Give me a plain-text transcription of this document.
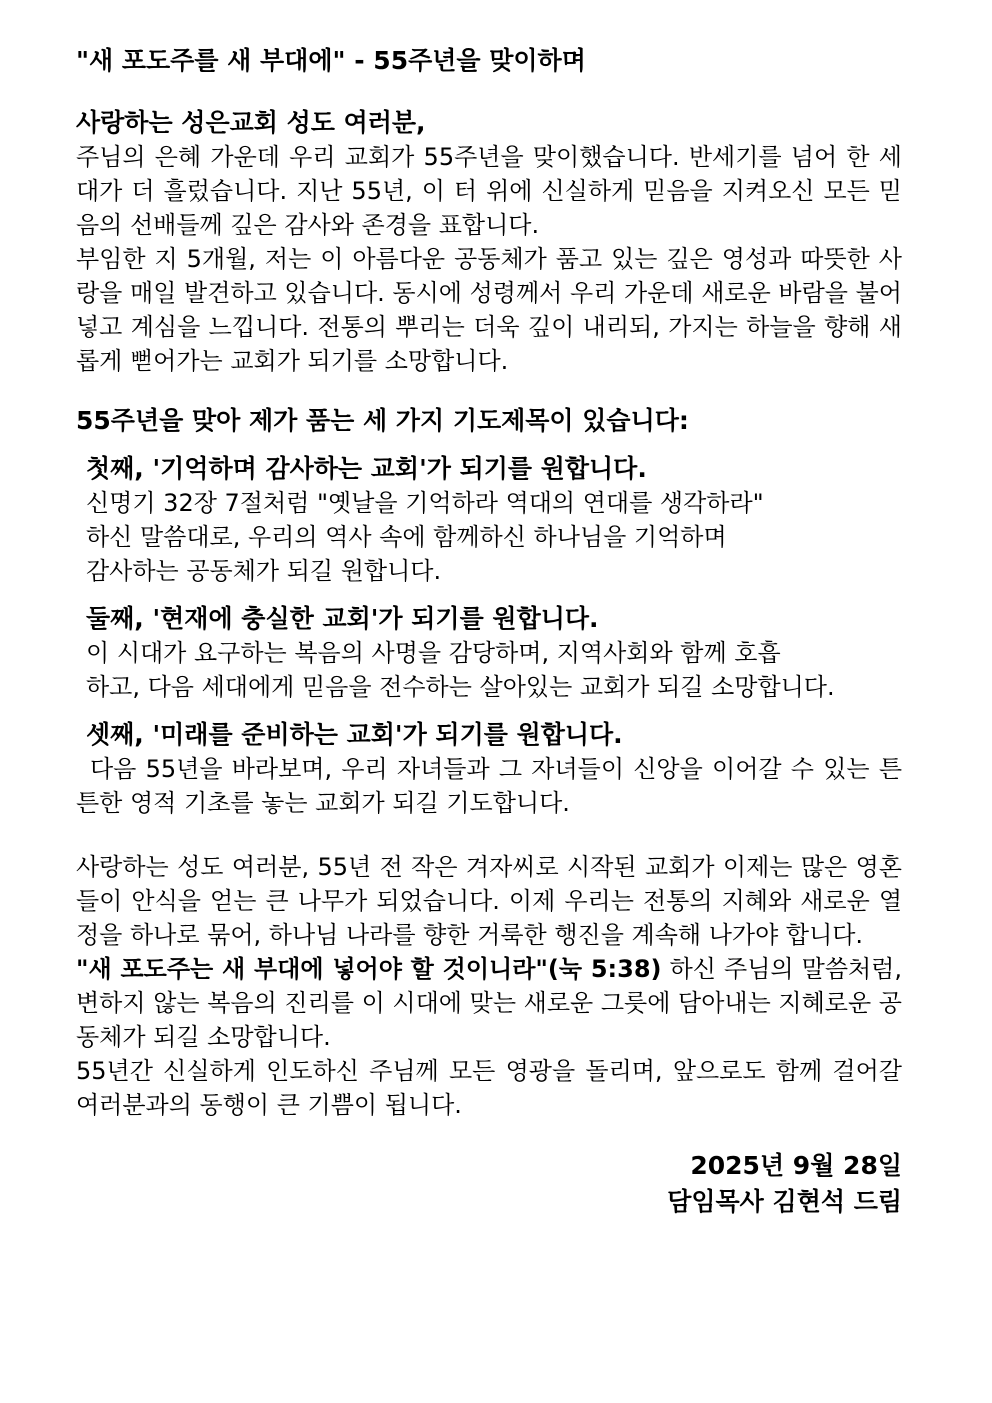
"새 포도주를 새 부대에" - 55주년을 맞이하며

사랑하는 성은교회 성도 여러분,

주님의 은혜 가운데 우리 교회가 55주년을 맞이했습니다. 반세기를 넘어 한 세대가 더 흘렀습니다. 지난 55년, 이 터 위에 신실하게 믿음을 지켜오신 모든 믿음의 선배들께 깊은 감사와 존경을 표합니다.

부임한 지 5개월, 저는 이 아름다운 공동체가 품고 있는 깊은 영성과 따뜻한 사랑을 매일 발견하고 있습니다. 동시에 성령께서 우리 가운데 새로운 바람을 불어넣고 계심을 느낍니다. 전통의 뿌리는 더욱 깊이 내리되, 가지는 하늘을 향해 새롭게 뻗어가는 교회가 되기를 소망합니다.

55주년을 맞아 제가 품는 세 가지 기도제목이 있습니다:

첫째, '기억하며 감사하는 교회'가 되기를 원합니다.

신명기 32장 7절처럼 "옛날을 기억하라 역대의 연대를 생각하라"
하신 말씀대로, 우리의 역사 속에 함께하신 하나님을 기억하며
감사하는 공동체가 되길 원합니다.

둘째, '현재에 충실한 교회'가 되기를 원합니다.

이 시대가 요구하는 복음의 사명을 감당하며, 지역사회와 함께 호흡
하고, 다음 세대에게 믿음을 전수하는 살아있는 교회가 되길 소망합니다.

셋째, '미래를 준비하는 교회'가 되기를 원합니다.

다음 55년을 바라보며, 우리 자녀들과 그 자녀들이 신앙을 이어갈 수 있는 튼튼한 영적 기초를 놓는 교회가 되길 기도합니다.

사랑하는 성도 여러분, 55년 전 작은 겨자씨로 시작된 교회가 이제는 많은 영혼들이 안식을 얻는 큰 나무가 되었습니다. 이제 우리는 전통의 지혜와 새로운 열정을 하나로 묶어, 하나님 나라를 향한 거룩한 행진을 계속해 나가야 합니다.

"새 포도주는 새 부대에 넣어야 할 것이니라"(눅 5:38) 하신 주님의 말씀처럼, 변하지 않는 복음의 진리를 이 시대에 맞는 새로운 그릇에 담아내는 지혜로운 공동체가 되길 소망합니다.

55년간 신실하게 인도하신 주님께 모든 영광을 돌리며, 앞으로도 함께 걸어갈 여러분과의 동행이 큰 기쁨이 됩니다.

2025년 9월 28일
담임목사 김현석 드림
